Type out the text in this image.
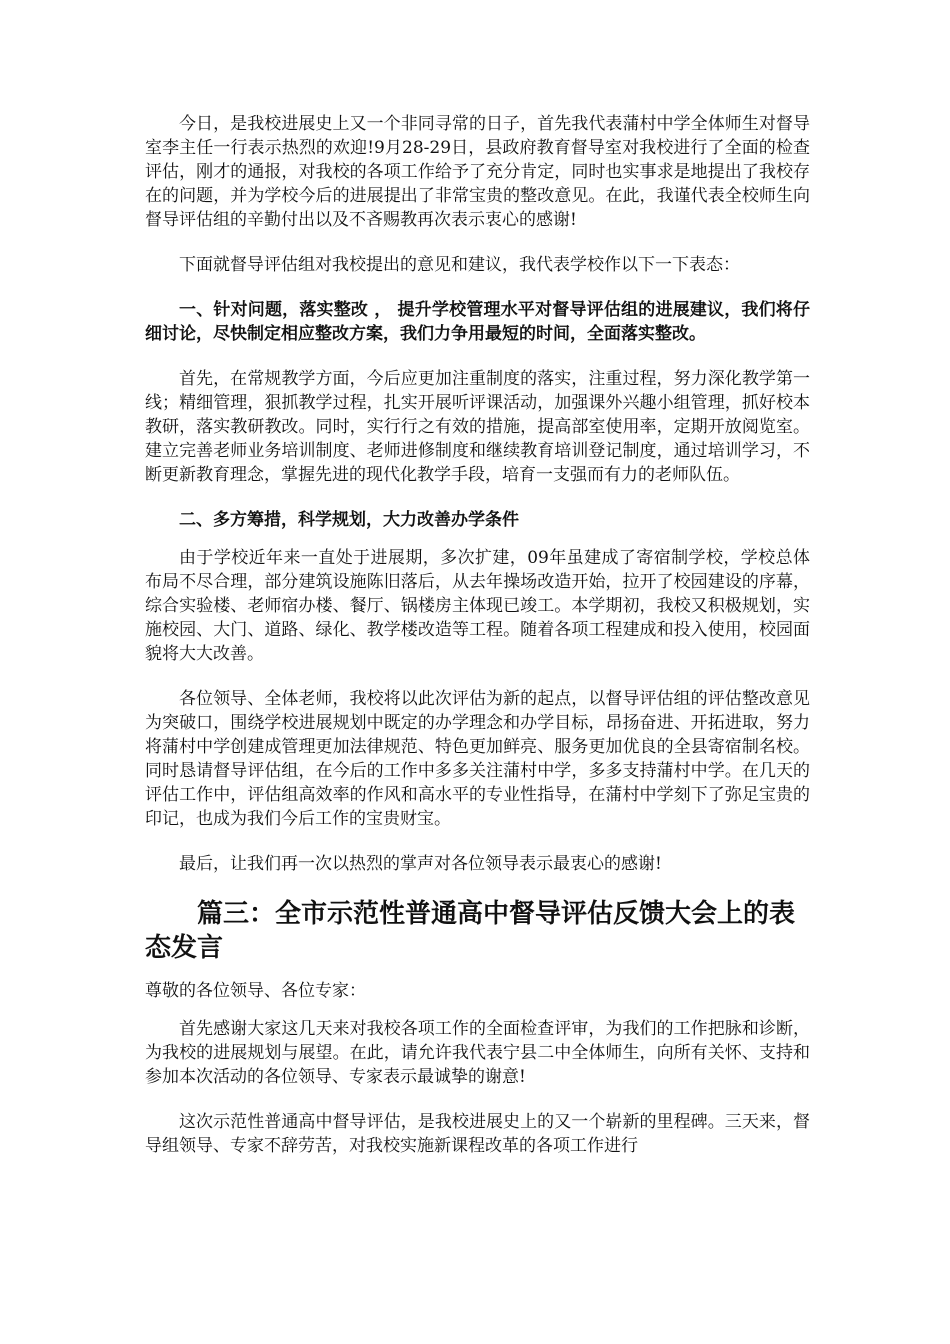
今日，是我校进展史上又一个非同寻常的日子，首先我代表蒲村中学全体师生对督导室李主任一行表示热烈的欢迎!9月28-29日，县政府教育督导室对我校进行了全面的检查评估，刚才的通报，对我校的各项工作给予了充分肯定，同时也实事求是地提出了我校存在的问题，并为学校今后的进展提出了非常宝贵的整改意见。在此，我谨代表全校师生向督导评估组的辛勤付出以及不吝赐教再次表示衷心的感谢!

下面就督导评估组对我校提出的意见和建议，我代表学校作以下一下表态：

一、针对问题，落实整改 ， 提升学校管理水平对督导评估组的进展建议，我们将仔细讨论，尽快制定相应整改方案，我们力争用最短的时间，全面落实整改。

首先，在常规教学方面，今后应更加注重制度的落实，注重过程，努力深化教学第一线；精细管理，狠抓教学过程，扎实开展听评课活动，加强课外兴趣小组管理，抓好校本教研，落实教研教改。同时，实行行之有效的措施，提高部室使用率，定期开放阅览室。建立完善老师业务培训制度、老师进修制度和继续教育培训登记制度，通过培训学习，不断更新教育理念，掌握先进的现代化教学手段，培育一支强而有力的老师队伍。

二、多方筹措，科学规划，大力改善办学条件

由于学校近年来一直处于进展期，多次扩建，09年虽建成了寄宿制学校，学校总体布局不尽合理，部分建筑设施陈旧落后，从去年操场改造开始，拉开了校园建设的序幕，综合实验楼、老师宿办楼、餐厅、锅楼房主体现已竣工。本学期初，我校又积极规划，实施校园、大门、道路、绿化、教学楼改造等工程。随着各项工程建成和投入使用，校园面貌将大大改善。

各位领导、全体老师，我校将以此次评估为新的起点，以督导评估组的评估整改意见为突破口，围绕学校进展规划中既定的办学理念和办学目标，昂扬奋进、开拓进取，努力将蒲村中学创建成管理更加法律规范、特色更加鲜亮、服务更加优良的全县寄宿制名校。同时恳请督导评估组，在今后的工作中多多关注蒲村中学，多多支持蒲村中学。在几天的评估工作中，评估组高效率的作风和高水平的专业性指导，在蒲村中学刻下了弥足宝贵的印记，也成为我们今后工作的宝贵财宝。

最后，让我们再一次以热烈的掌声对各位领导表示最衷心的感谢!

篇三：全市示范性普通高中督导评估反馈大会上的表态发言

尊敬的各位领导、各位专家：

首先感谢大家这几天来对我校各项工作的全面检查评审，为我们的工作把脉和诊断，为我校的进展规划与展望。在此，请允许我代表宁县二中全体师生，向所有关怀、支持和参加本次活动的各位领导、专家表示最诚挚的谢意!

这次示范性普通高中督导评估，是我校进展史上的又一个崭新的里程碑。三天来，督导组领导、专家不辞劳苦，对我校实施新课程改革的各项工作进行
